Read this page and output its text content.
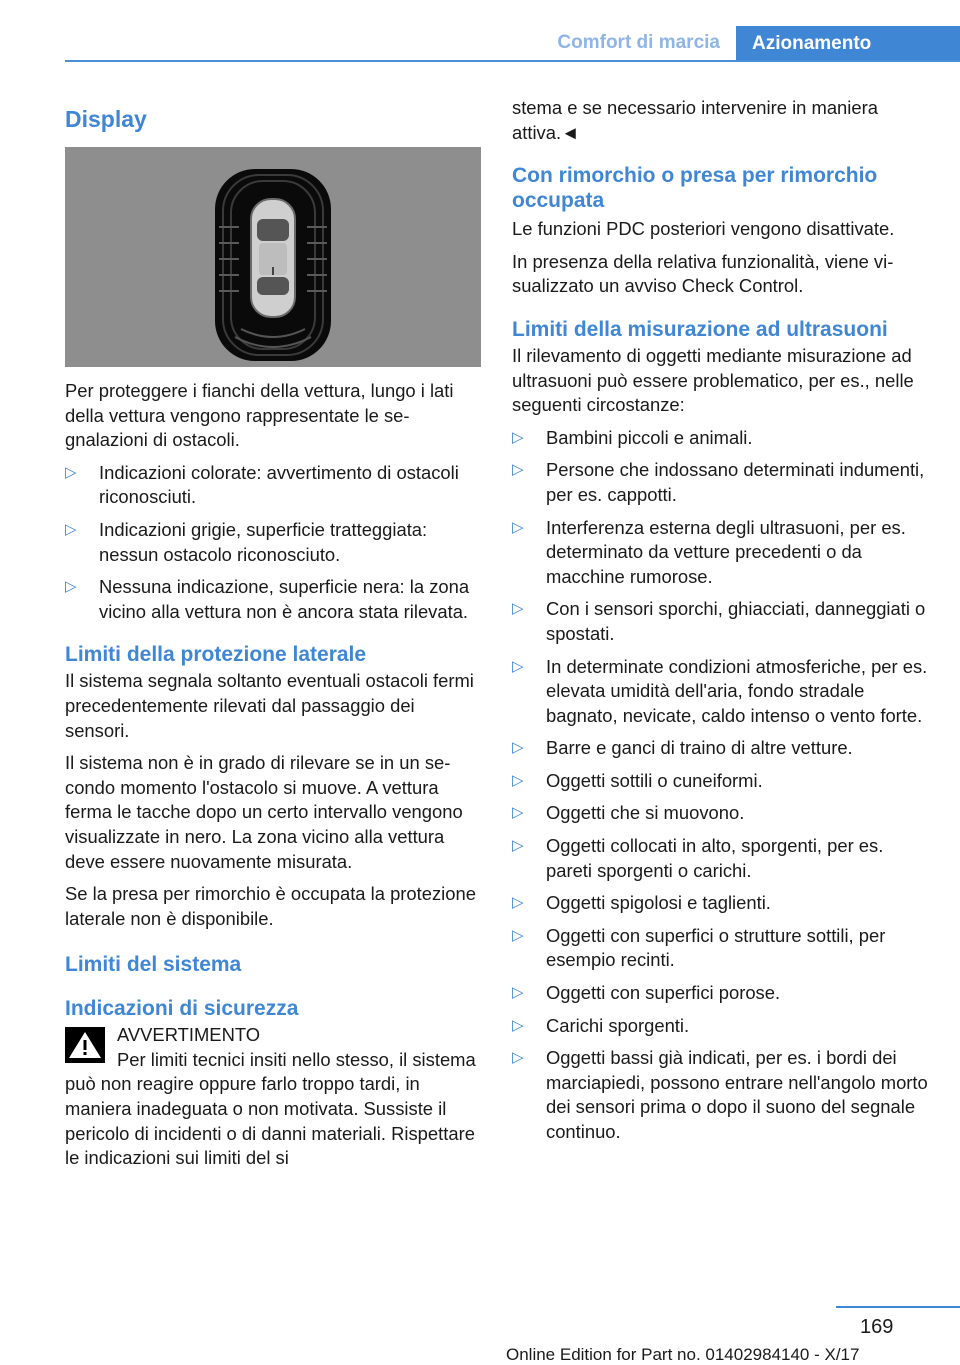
Comfort di marcia	Azionamento
Display

Per proteggere i fianchi della vettura, lungo i lati della vettura vengono rappresentate le segnalazioni di ostacoli.

▷ Indicazioni colorate: avvertimento di ostacoli riconosciuti.
▷ Indicazioni grigie, superficie tratteggiata: nessun ostacolo riconosciuto.
▷ Nessuna indicazione, superficie nera: la zona vicino alla vettura non è ancora stata rilevata.
Limiti della protezione laterale

Il sistema segnala soltanto eventuali ostacoli fermi precedentemente rilevati dal passaggio dei sensori.

Il sistema non è in grado di rilevare se in un secondo momento l'ostacolo si muove. A vettura ferma le tacche dopo un certo intervallo vengono visualizzate in nero. La zona vicino alla vettura deve essere nuovamente misurata.

Se la presa per rimorchio è occupata la protezione laterale non è disponibile.

Limiti del sistema
Indicazioni di sicurezza
AVVERTIMENTO

Per limiti tecnici insiti nello stesso, il sistema può non reagire oppure farlo troppo tardi, in maniera inadeguata o non motivata. Sussiste il pericolo di incidenti o di danni materiali. Rispettare le indicazioni sui limiti del si

stema e se necessario intervenire in maniera attiva.◄

Con rimorchio o presa per rimorchio occupata

Le funzioni PDC posteriori vengono disattivate.

In presenza della relativa funzionalità, viene visualizzato un avviso Check Control.

Limiti della misurazione ad ultrasuoni

Il rilevamento di oggetti mediante misurazione ad ultrasuoni può essere problematico, per es., nelle seguenti circostanze:

▷ Bambini piccoli e animali.
▷ Persone che indossano determinati indumenti, per es. cappotti.
▷ Interferenza esterna degli ultrasuoni, per es. determinato da vetture precedenti o da macchine rumorose.
▷ Con i sensori sporchi, ghiacciati, danneggiati o spostati.
▷ In determinate condizioni atmosferiche, per es. elevata umidità dell'aria, fondo stradale bagnato, nevicate, caldo intenso o vento forte.
▷ Barre e ganci di traino di altre vetture.
▷ Oggetti sottili o cuneiformi.
▷ Oggetti che si muovono.
▷ Oggetti collocati in alto, sporgenti, per es. pareti sporgenti o carichi.
▷ Oggetti spigolosi e taglienti.
▷ Oggetti con superfici o strutture sottili, per esempio recinti.
▷ Oggetti con superfici porose.
▷ Carichi sporgenti.
▷ Oggetti bassi già indicati, per es. i bordi dei marciapiedi, possono entrare nell'angolo morto dei sensori prima o dopo il suono del segnale continuo.
169
Online Edition for Part no. 01402984140 - X/17
